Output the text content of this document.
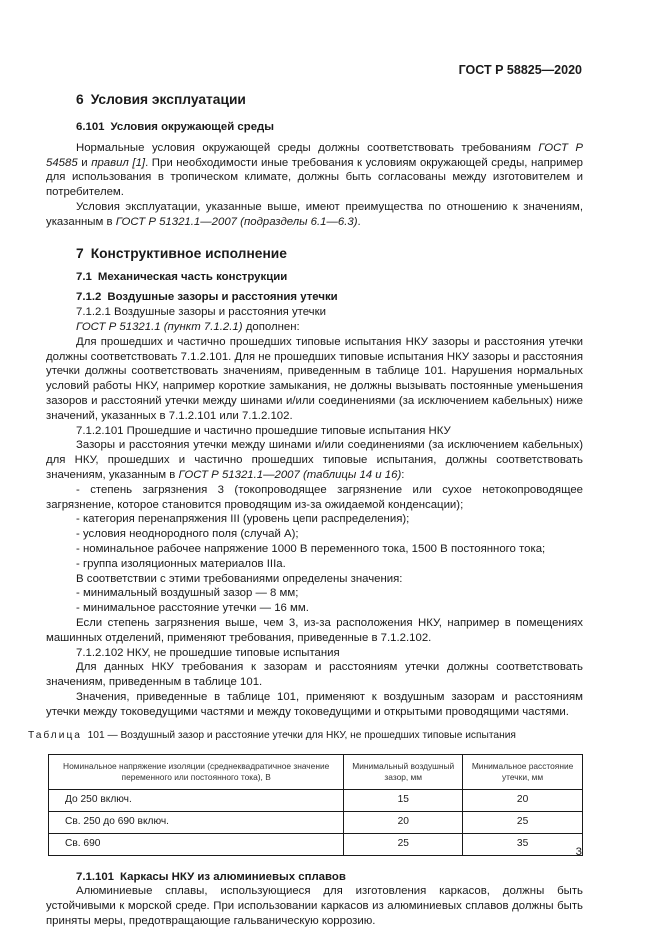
ГОСТ Р 58825—2020
6 Условия эксплуатации
6.101 Условия окружающей среды

Нормальные условия окружающей среды должны соответствовать требованиям ГОСТ Р 54585 и правил [1]. При необходимости иные требования к условиям окружающей среды, например для использования в тропическом климате, должны быть согласованы между изготовителем и потребителем.

Условия эксплуатации, указанные выше, имеют преимущества по отношению к значениям, указанным в ГОСТ Р 51321.1—2007 (подразделы 6.1—6.3).

7 Конструктивное исполнение
7.1 Механическая часть конструкции
7.1.2 Воздушные зазоры и расстояния утечки

7.1.2.1 Воздушные зазоры и расстояния утечки

ГОСТ Р 51321.1 (пункт 7.1.2.1) дополнен:

Для прошедших и частично прошедших типовые испытания НКУ зазоры и расстояния утечки должны соответствовать 7.1.2.101. Для не прошедших типовые испытания НКУ зазоры и расстояния утечки должны соответствовать значениям, приведенным в таблице 101. Нарушения нормальных условий работы НКУ, например короткие замыкания, не должны вызывать постоянные уменьшения зазоров и расстояний утечки между шинами и/или соединениями (за исключением кабельных) ниже значений, указанных в 7.1.2.101 или 7.1.2.102.

7.1.2.101 Прошедшие и частично прошедшие типовые испытания НКУ

Зазоры и расстояния утечки между шинами и/или соединениями (за исключением кабельных) для НКУ, прошедших и частично прошедших типовые испытания, должны соответствовать значениям, указанным в ГОСТ Р 51321.1—2007 (таблицы 14 и 16):

- степень загрязнения 3 (токопроводящее загрязнение или сухое нетокопроводящее загрязнение, которое становится проводящим из-за ожидаемой конденсации);

- категория перенапряжения III (уровень цепи распределения);

- условия неоднородного поля (случай А);

- номинальное рабочее напряжение 1000 В переменного тока, 1500 В постоянного тока;

- группа изоляционных материалов IIIа.

В соответствии с этими требованиями определены значения:

- минимальный воздушный зазор — 8 мм;

- минимальное расстояние утечки — 16 мм.

Если степень загрязнения выше, чем 3, из-за расположения НКУ, например в помещениях машинных отделений, применяют требования, приведенные в 7.1.2.102.

7.1.2.102 НКУ, не прошедшие типовые испытания

Для данных НКУ требования к зазорам и расстояниям утечки должны соответствовать значениям, приведенным в таблице 101.

Значения, приведенные в таблице 101, применяют к воздушным зазорам и расстояниям утечки между токоведущими частями и между токоведущими и открытыми проводящими частями.

Таблица 101 — Воздушный зазор и расстояние утечки для НКУ, не прошедших типовые испытания

Номинальное напряжение изоляции (среднеквадратичное значение переменного или постоянного тока), В	Минимальный воздушный зазор, мм	Минимальное расстояние утечки, мм
До 250 включ.	15	20
Св. 250 до 690 включ.	20	25
Св. 690	25	35
7.1.101 Каркасы НКУ из алюминиевых сплавов

Алюминиевые сплавы, использующиеся для изготовления каркасов, должны быть устойчивыми к морской среде. При использовании каркасов из алюминиевых сплавов должны быть приняты меры, предотвращающие гальваническую коррозию.

3
